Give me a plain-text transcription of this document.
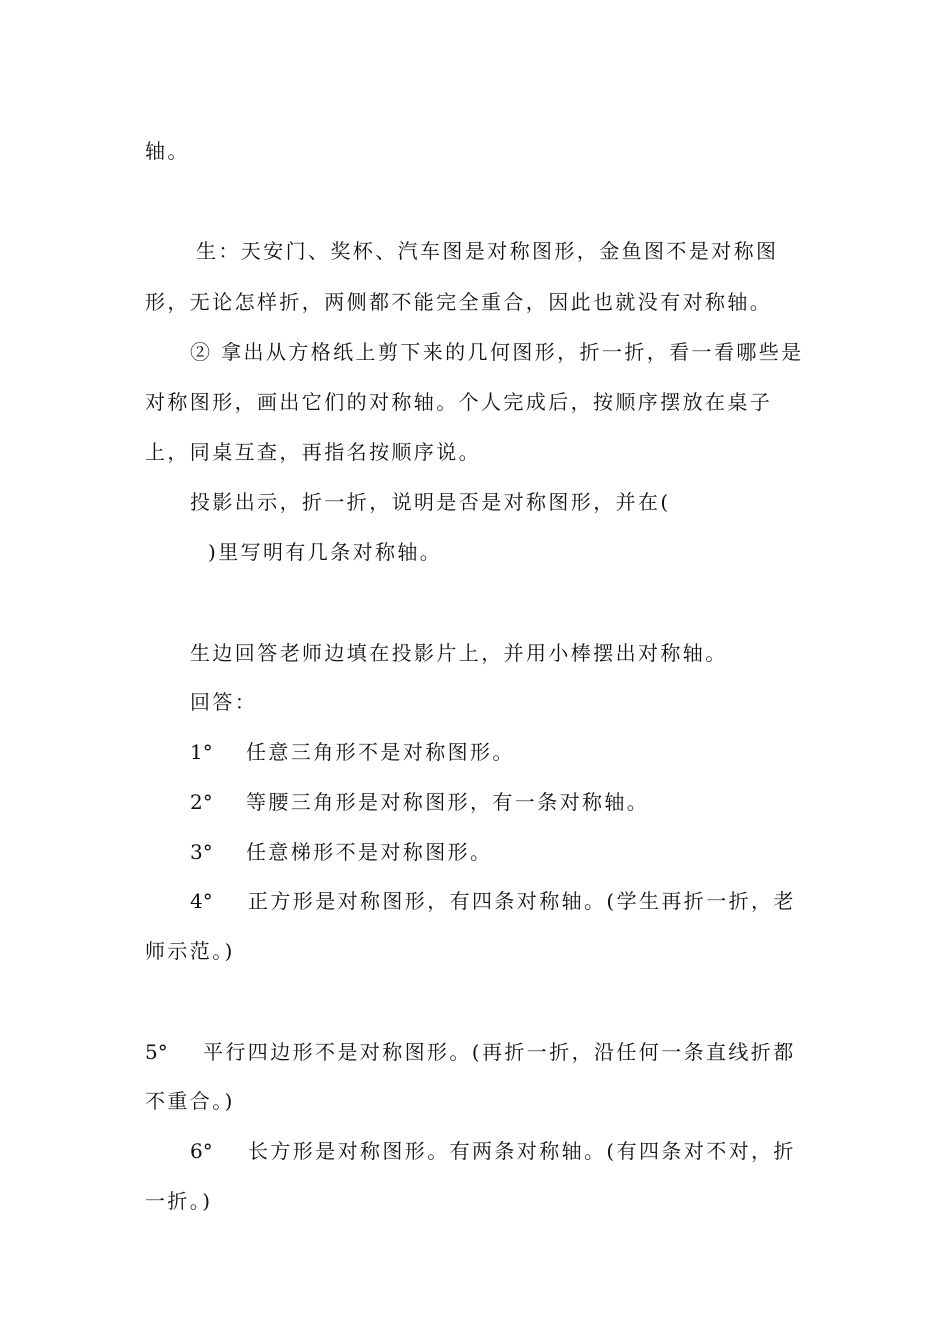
轴。
生：天安门、奖杯、汽车图是对称图形，金鱼图不是对称图
形，无论怎样折，两侧都不能完全重合，因此也就没有对称轴。
② 拿出从方格纸上剪下来的几何图形，折一折，看一看哪些是
对称图形，画出它们的对称轴。个人完成后，按顺序摆放在桌子
上，同桌互查，再指名按顺序说。
投影出示，折一折，说明是否是对称图形，并在(
)里写明有几条对称轴。
生边回答老师边填在投影片上，并用小棒摆出对称轴。
回答：
1° 任意三角形不是对称图形。
2° 等腰三角形是对称图形，有一条对称轴。
3° 任意梯形不是对称图形。
4° 正方形是对称图形，有四条对称轴。(学生再折一折，老
师示范。)
5° 平行四边形不是对称图形。(再折一折，沿任何一条直线折都
不重合。)
6° 长方形是对称图形。有两条对称轴。(有四条对不对，折
一折。)
